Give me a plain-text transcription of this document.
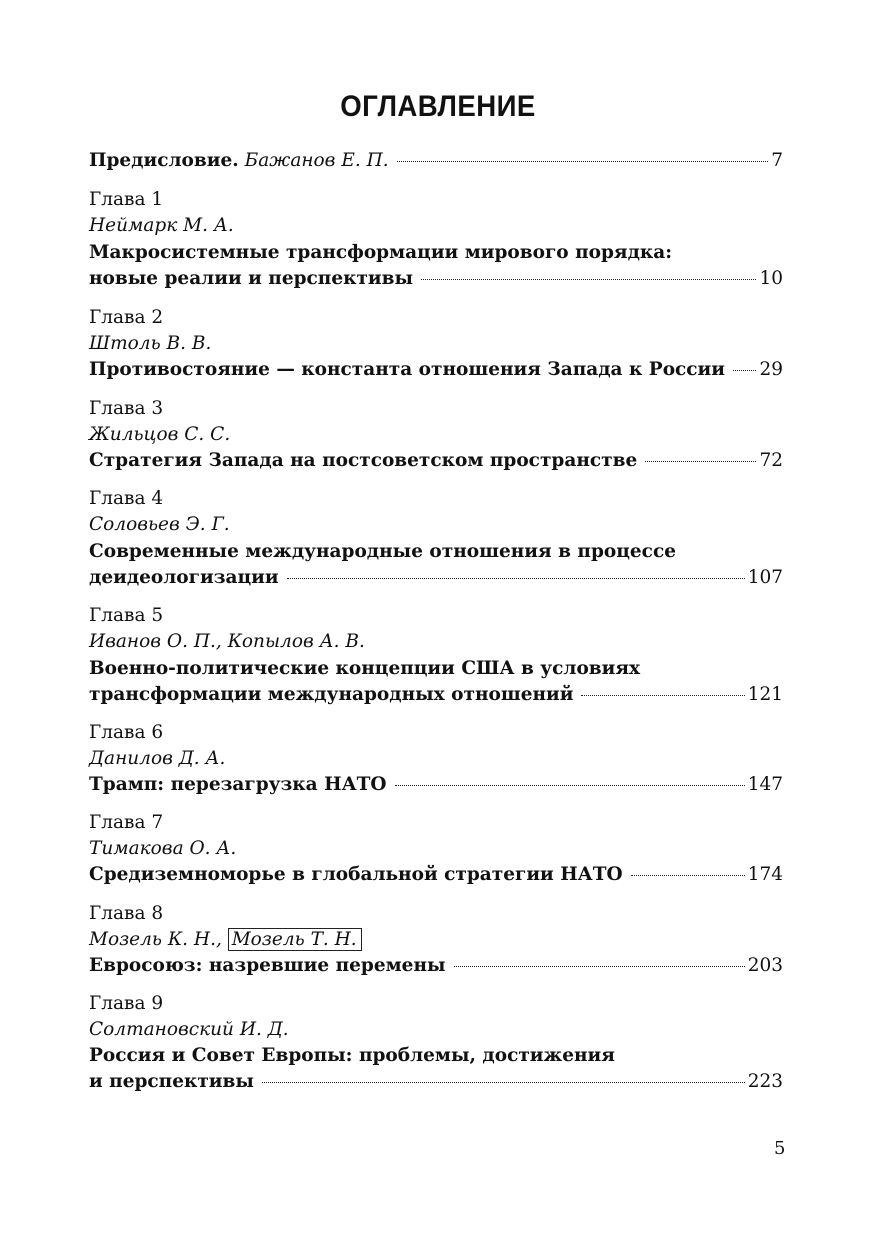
ОГЛАВЛЕНИЕ
Предисловие. Бажанов Е. П.	7
Глава 1
Неймарк М. А.
Макросистемные трансформации мирового порядка:
новые реалии и перспективы	10
Глава 2
Штоль В. В.
Противостояние — константа отношения Запада к России 29
Глава 3
Жильцов С. С.
Стратегия Запада на постсоветском пространстве	72
Глава 4
Соловьев Э. Г.
Современные международные отношения в процессе
деидеологизации	107
Глава 5
Иванов О. П., Копылов А. В.
Военно-политические концепции США в условиях
трансформации международных отношений	121
Глава 6
Данилов Д. А.
Трамп: перезагрузка НАТО	147
Глава 7
Тимакова О. А.
Средиземноморье в глобальной стратегии НАТО	174
Глава 8
Мозель К. Н., Мозель Т. Н.
Евросоюз: назревшие перемены	203
Глава 9
Солтановский И. Д.
Россия и Совет Европы: проблемы, достижения
и перспективы	223
5
